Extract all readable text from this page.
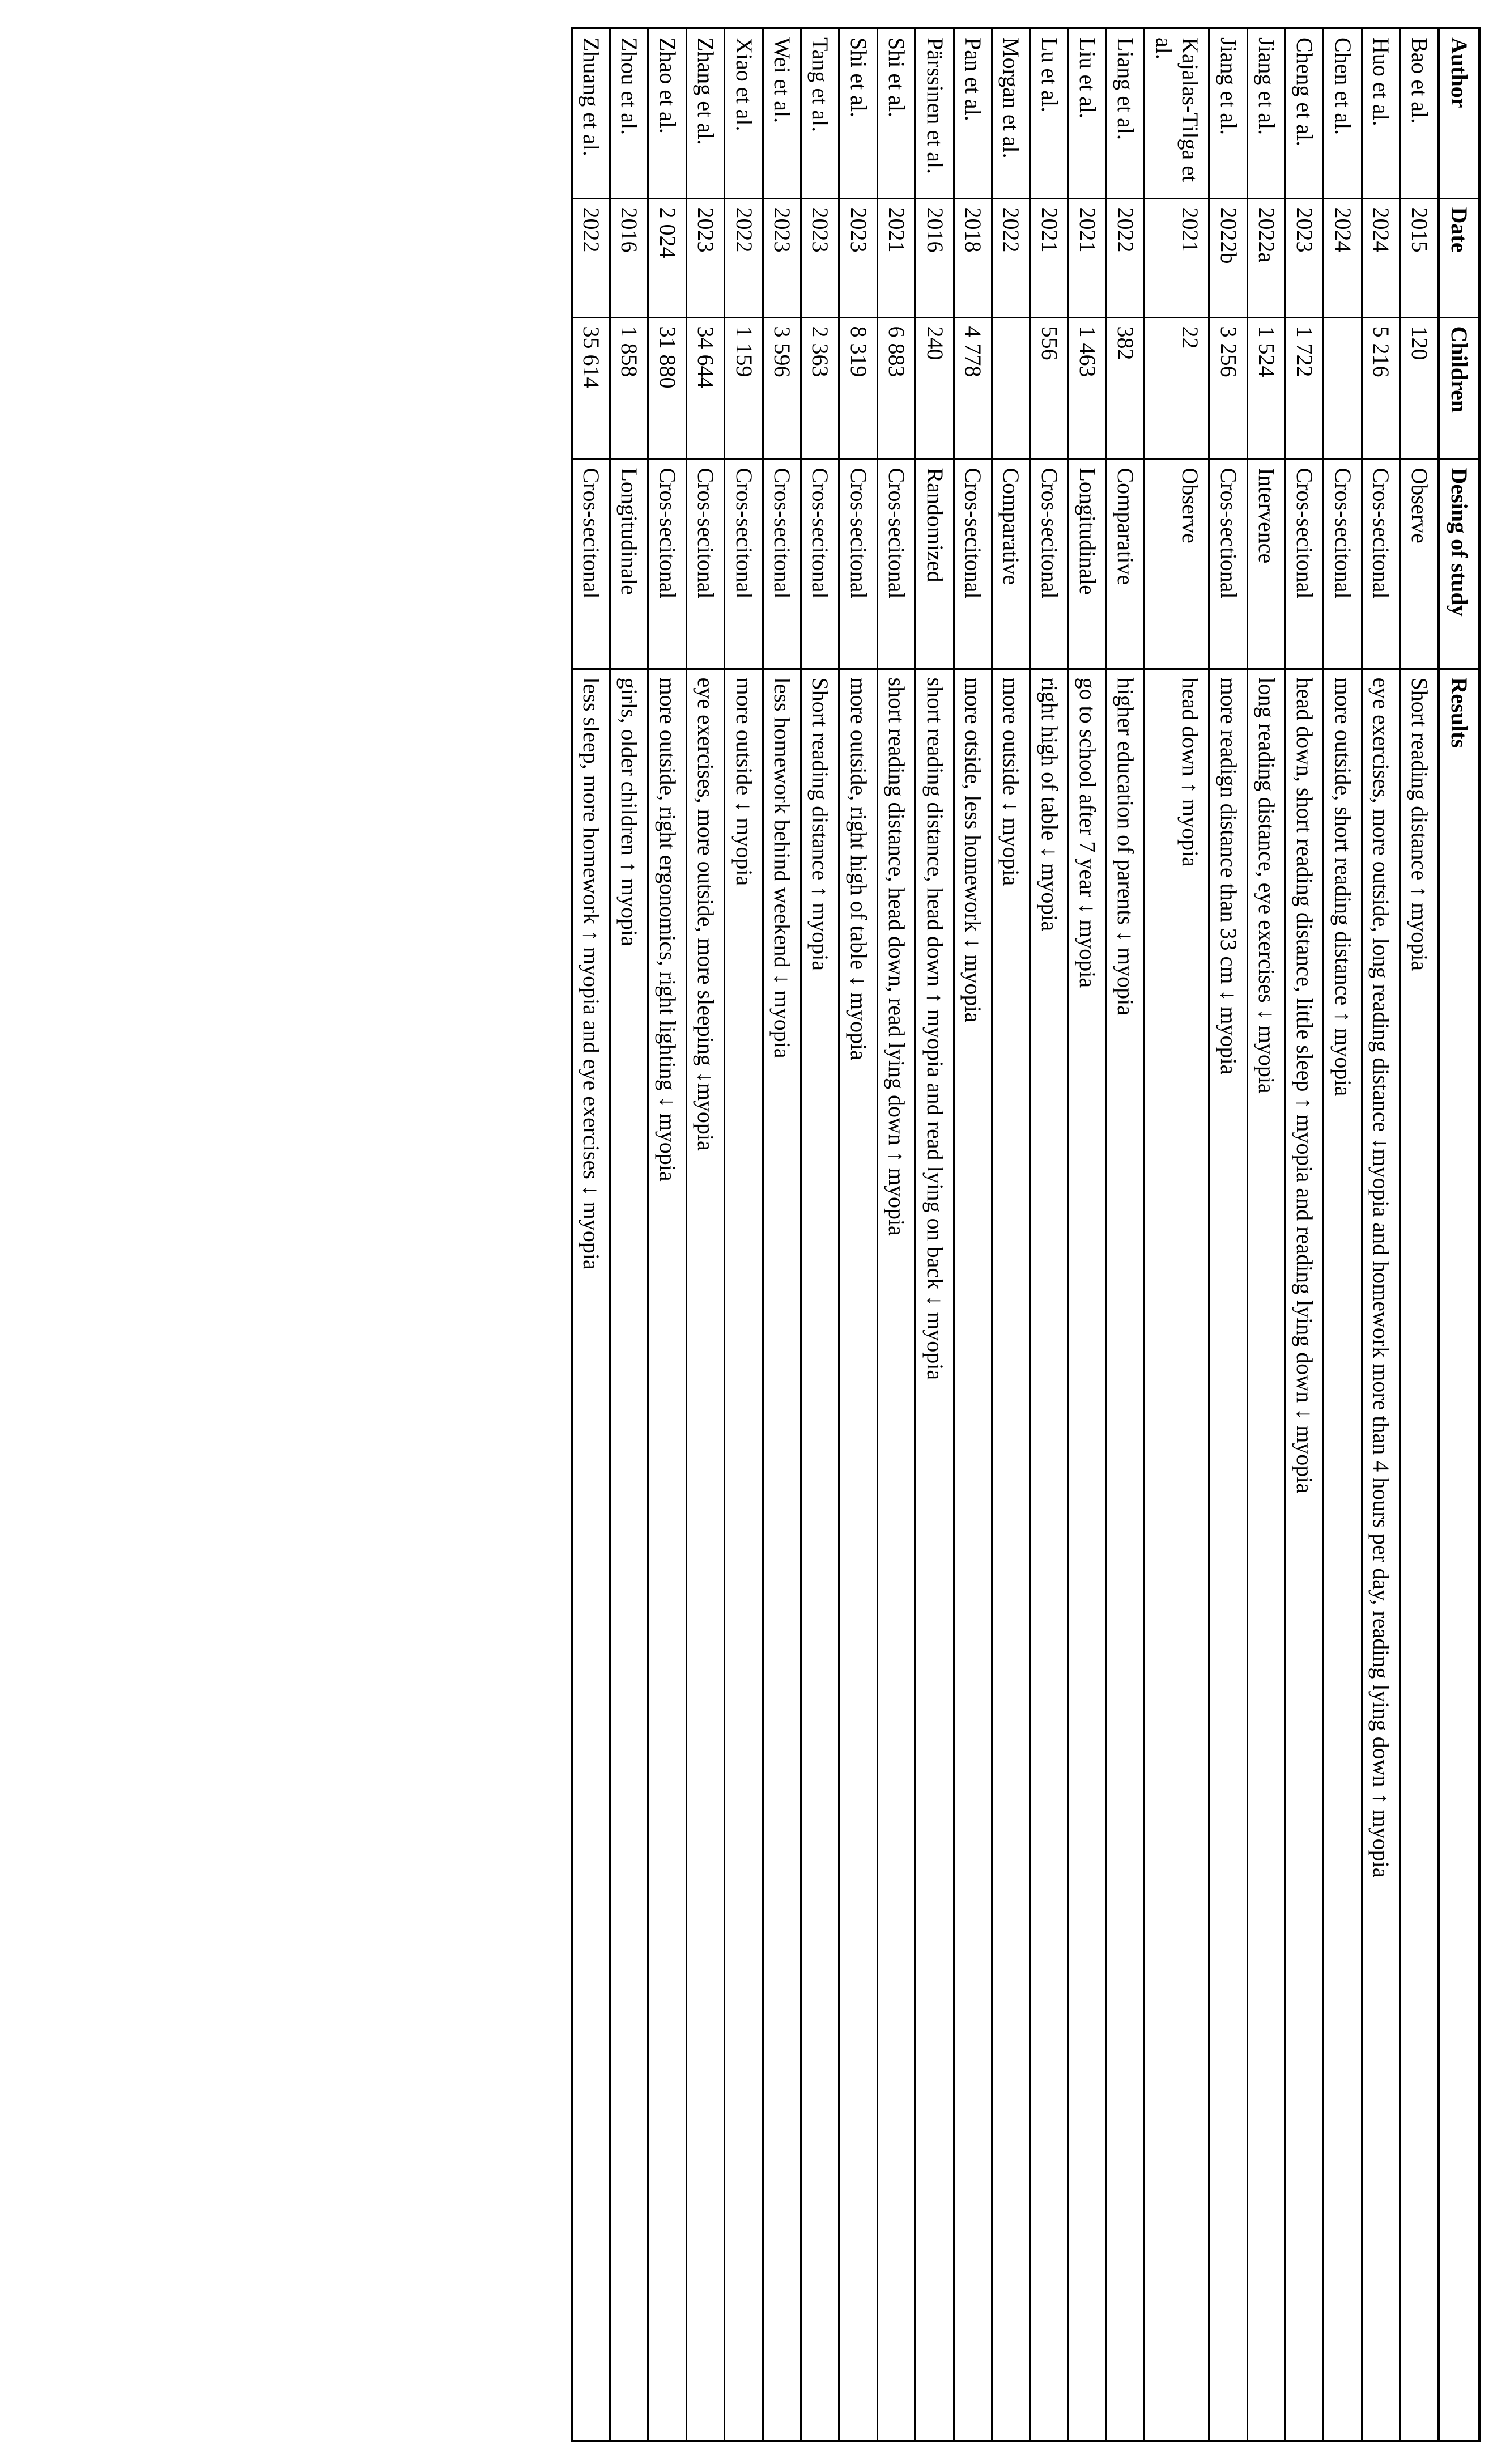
Author	Date	Children	Desing of study	Results
Bao et al.	2015	120	Observe	Short reading distance ↑ myopia
Huo et al.	2024	5 216	Cros-secitonal	eye exercises, more outside, long reading distance ↓myopia and homework more than 4 hours per day, reading lying down ↑ myopia
Chen et al.	2024		Cros-secitonal	more outside, short reading distance ↑ myopia
Cheng et al.	2023	1 722	Cros-secitonal	head down, short reading distance, little sleep ↑ myopia and reading lying down ↓ myopia
Jiang et al.	2022a	1 524	Intervence	long reading distance, eye exercises ↓ myopia
Jiang et al.	2022b	3 256	Cros-sectional	more readign distance than 33 cm ↓ myopia
Kajalas-Tilga et al.	2021	22	Observe	head down ↑ myopia
Liang et al.	2022	382	Comparative	higher education of parents ↓ myopia
Liu et al.	2021	1 463	Longitudinale	go to school after 7 year ↓ myopia
Lu et al.	2021	556	Cros-secitonal	right high of table ↓ myopia
Morgan et al.	2022		Comparative	more outside ↓ myopia
Pan et al.	2018	4 778	Cros-secitonal	more otside, less homework ↓ myopia
Pärssinen et al.	2016	240	Randomized	short reading distance, head down ↑ myopia and read lying on back ↓ myopia
Shi et al.	2021	6 883	Cros-secitonal	short reading distance, head down, read lying down ↑ myopia
Shi et al.	2023	8 319	Cros-secitonal	more outside, right high of table ↓ myopia
Tang et al.	2023	2 363	Cros-secitonal	Short reading distance ↑ myopia
Wei et al.	2023	3 596	Cros-secitonal	less homework behind weekend ↓ myopia
Xiao et al.	2022	1 159	Cros-secitonal	more outside ↓ myopia
Zhang et al.	2023	34 644	Cros-secitonal	eye exercises, more outside, more sleeping ↓myopia
Zhao et al.	2 024	31 880	Cros-secitonal	more outside, right ergonomics, right lighting ↓ myopia
Zhou et al.	2016	1 858	Longitudinale	girls, older children ↑ myopia
Zhuang et al.	2022	35 614	Cros-secitonal	less sleep, more homework ↑ myopia and eye exercises ↓ myopia
